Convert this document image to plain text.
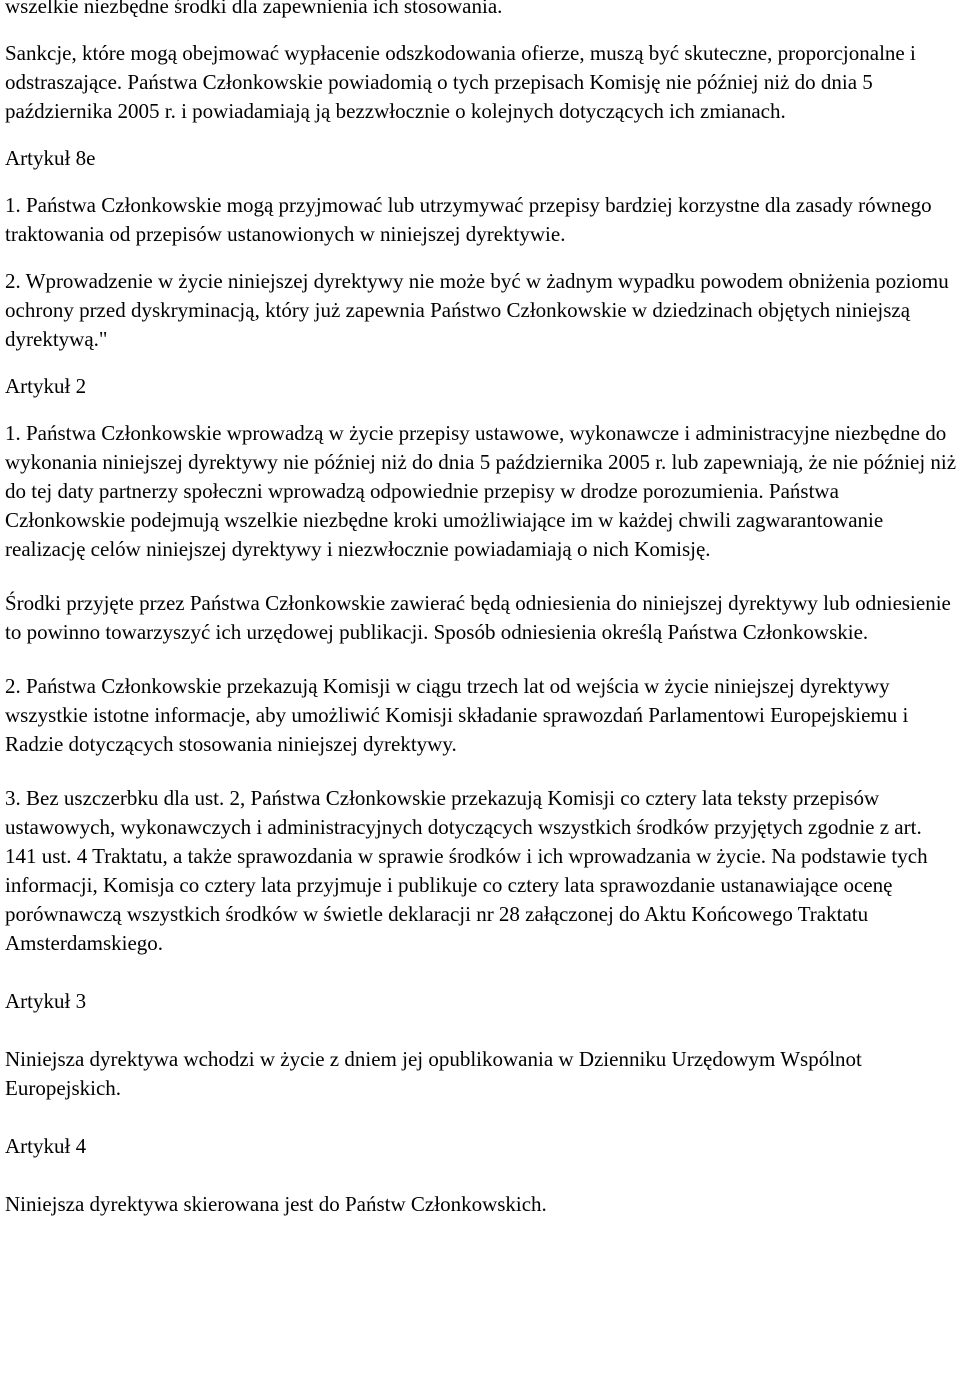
wszelkie niezbędne środki dla zapewnienia ich stosowania.

Sankcje, które mogą obejmować wypłacenie odszkodowania ofierze, muszą być skuteczne, proporcjonalne i odstraszające. Państwa Członkowskie powiadomią o tych przepisach Komisję nie później niż do dnia 5 października 2005 r. i powiadamiają ją bezzwłocznie o kolejnych dotyczących ich zmianach.

Artykuł 8e

1. Państwa Członkowskie mogą przyjmować lub utrzymywać przepisy bardziej korzystne dla zasady równego traktowania od przepisów ustanowionych w niniejszej dyrektywie.

2. Wprowadzenie w życie niniejszej dyrektywy nie może być w żadnym wypadku powodem obniżenia poziomu ochrony przed dyskryminacją, który już zapewnia Państwo Członkowskie w dziedzinach objętych niniejszą dyrektywą."

Artykuł 2

1. Państwa Członkowskie wprowadzą w życie przepisy ustawowe, wykonawcze i administracyjne niezbędne do wykonania niniejszej dyrektywy nie później niż do dnia 5 października 2005 r. lub zapewniają, że nie później niż do tej daty partnerzy społeczni wprowadzą odpowiednie przepisy w drodze porozumienia. Państwa Członkowskie podejmują wszelkie niezbędne kroki umożliwiające im w każdej chwili zagwarantowanie realizację celów niniejszej dyrektywy i niezwłocznie powiadamiają o nich Komisję.

Środki przyjęte przez Państwa Członkowskie zawierać będą odniesienia do niniejszej dyrektywy lub odniesienie to powinno towarzyszyć ich urzędowej publikacji. Sposób odniesienia określą Państwa Członkowskie.

2. Państwa Członkowskie przekazują Komisji w ciągu trzech lat od wejścia w życie niniejszej dyrektywy wszystkie istotne informacje, aby umożliwić Komisji składanie sprawozdań Parlamentowi Europejskiemu i Radzie dotyczących stosowania niniejszej dyrektywy.

3. Bez uszczerbku dla ust. 2, Państwa Członkowskie przekazują Komisji co cztery lata teksty przepisów ustawowych, wykonawczych i administracyjnych dotyczących wszystkich środków przyjętych zgodnie z art. 141 ust. 4 Traktatu, a także sprawozdania w sprawie środków i ich wprowadzania w życie. Na podstawie tych informacji, Komisja co cztery lata przyjmuje i publikuje co cztery lata sprawozdanie ustanawiające ocenę porównawczą wszystkich środków w świetle deklaracji nr 28 załączonej do Aktu Końcowego Traktatu Amsterdamskiego.

Artykuł 3

Niniejsza dyrektywa wchodzi w życie z dniem jej opublikowania w Dzienniku Urzędowym Wspólnot Europejskich.

Artykuł 4

Niniejsza dyrektywa skierowana jest do Państw Członkowskich.
